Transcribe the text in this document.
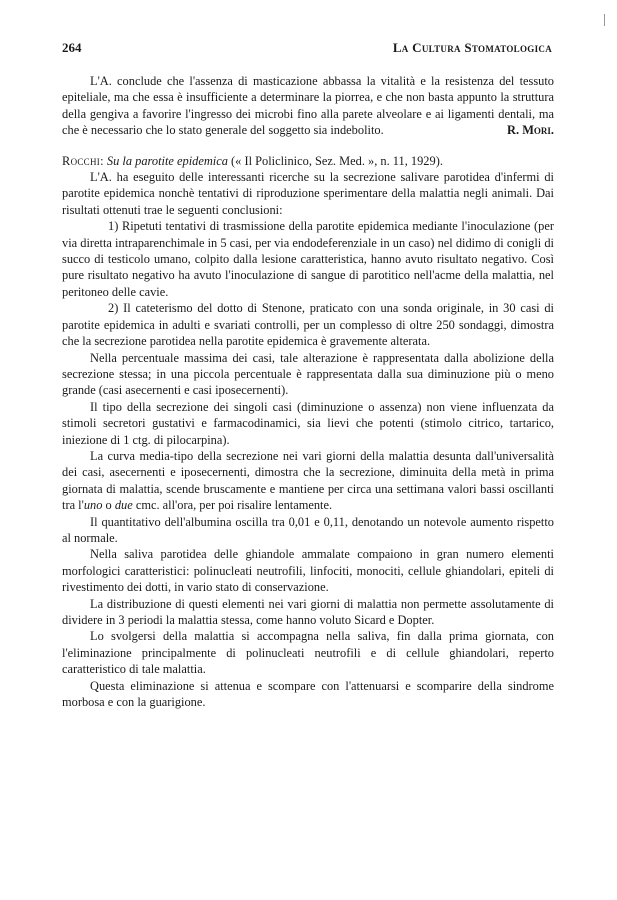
264	La Cultura Stomatologica

L'A. conclude che l'assenza di masticazione abbassa la vitalità e la resistenza del tessuto epiteliale, ma che essa è insufficiente a determinare la piorrea, e che non basta appunto la struttura della gengiva a favorire l'ingresso dei microbi fino alla parete alveolare e ai ligamenti dentali, ma che è necessario che lo stato generale del soggetto sia indebolito.	R. Mori.

Rocchi: Su la parotite epidemica (« Il Policlinico, Sez. Med. », n. 11, 1929).

L'A. ha eseguito delle interessanti ricerche su la secrezione salivare parotidea d'infermi di parotite epidemica nonchè tentativi di riproduzione sperimentare della malattia negli animali. Dai risultati ottenuti trae le seguenti conclusioni:

1) Ripetuti tentativi di trasmissione della parotite epidemica mediante l'inoculazione (per via diretta intraparenchimale in 5 casi, per via endodeferenziale in un caso) nel didimo di conigli di succo di testicolo umano, colpito dalla lesione caratteristica, hanno avuto risultato negativo. Così pure risultato negativo ha avuto l'inoculazione di sangue di parotitico nell'acme della malattia, nel peritoneo delle cavie.

2) Il cateterismo del dotto di Stenone, praticato con una sonda originale, in 30 casi di parotite epidemica in adulti e svariati controlli, per un complesso di oltre 250 sondaggi, dimostra che la secrezione parotidea nella parotite epidemica è gravemente alterata.

Nella percentuale massima dei casi, tale alterazione è rappresentata dalla abolizione della secrezione stessa; in una piccola percentuale è rappresentata dalla sua diminuzione più o meno grande (casi asecernenti e casi iposecernenti).

Il tipo della secrezione dei singoli casi (diminuzione o assenza) non viene influenzata da stimoli secretori gustativi e farmacodinamici, sia lievi che potenti (stimolo citrico, tartarico, iniezione di 1 ctg. di pilocarpina).

La curva media-tipo della secrezione nei vari giorni della malattia desunta dall'universalità dei casi, asecernenti e iposecernenti, dimostra che la secrezione, diminuita della metà in prima giornata di malattia, scende bruscamente e mantiene per circa una settimana valori bassi oscillanti tra l'uno o due cmc. all'ora, per poi risalire lentamente.

Il quantitativo dell'albumina oscilla tra 0,01 e 0,11, denotando un notevole aumento rispetto al normale.

Nella saliva parotidea delle ghiandole ammalate compaiono in gran numero elementi morfologici caratteristici: polinucleati neutrofili, linfociti, monociti, cellule ghiandolari, epiteli di rivestimento dei dotti, in vario stato di conservazione.

La distribuzione di questi elementi nei vari giorni di malattia non permette assolutamente di dividere in 3 periodi la malattia stessa, come hanno voluto Sicard e Dopter.

Lo svolgersi della malattia si accompagna nella saliva, fin dalla prima giornata, con l'eliminazione principalmente di polinucleati neutrofili e di cellule ghiandolari, reperto caratteristico di tale malattia.

Questa eliminazione si attenua e scompare con l'attenuarsi e scomparire della sindrome morbosa e con la guarigione.
